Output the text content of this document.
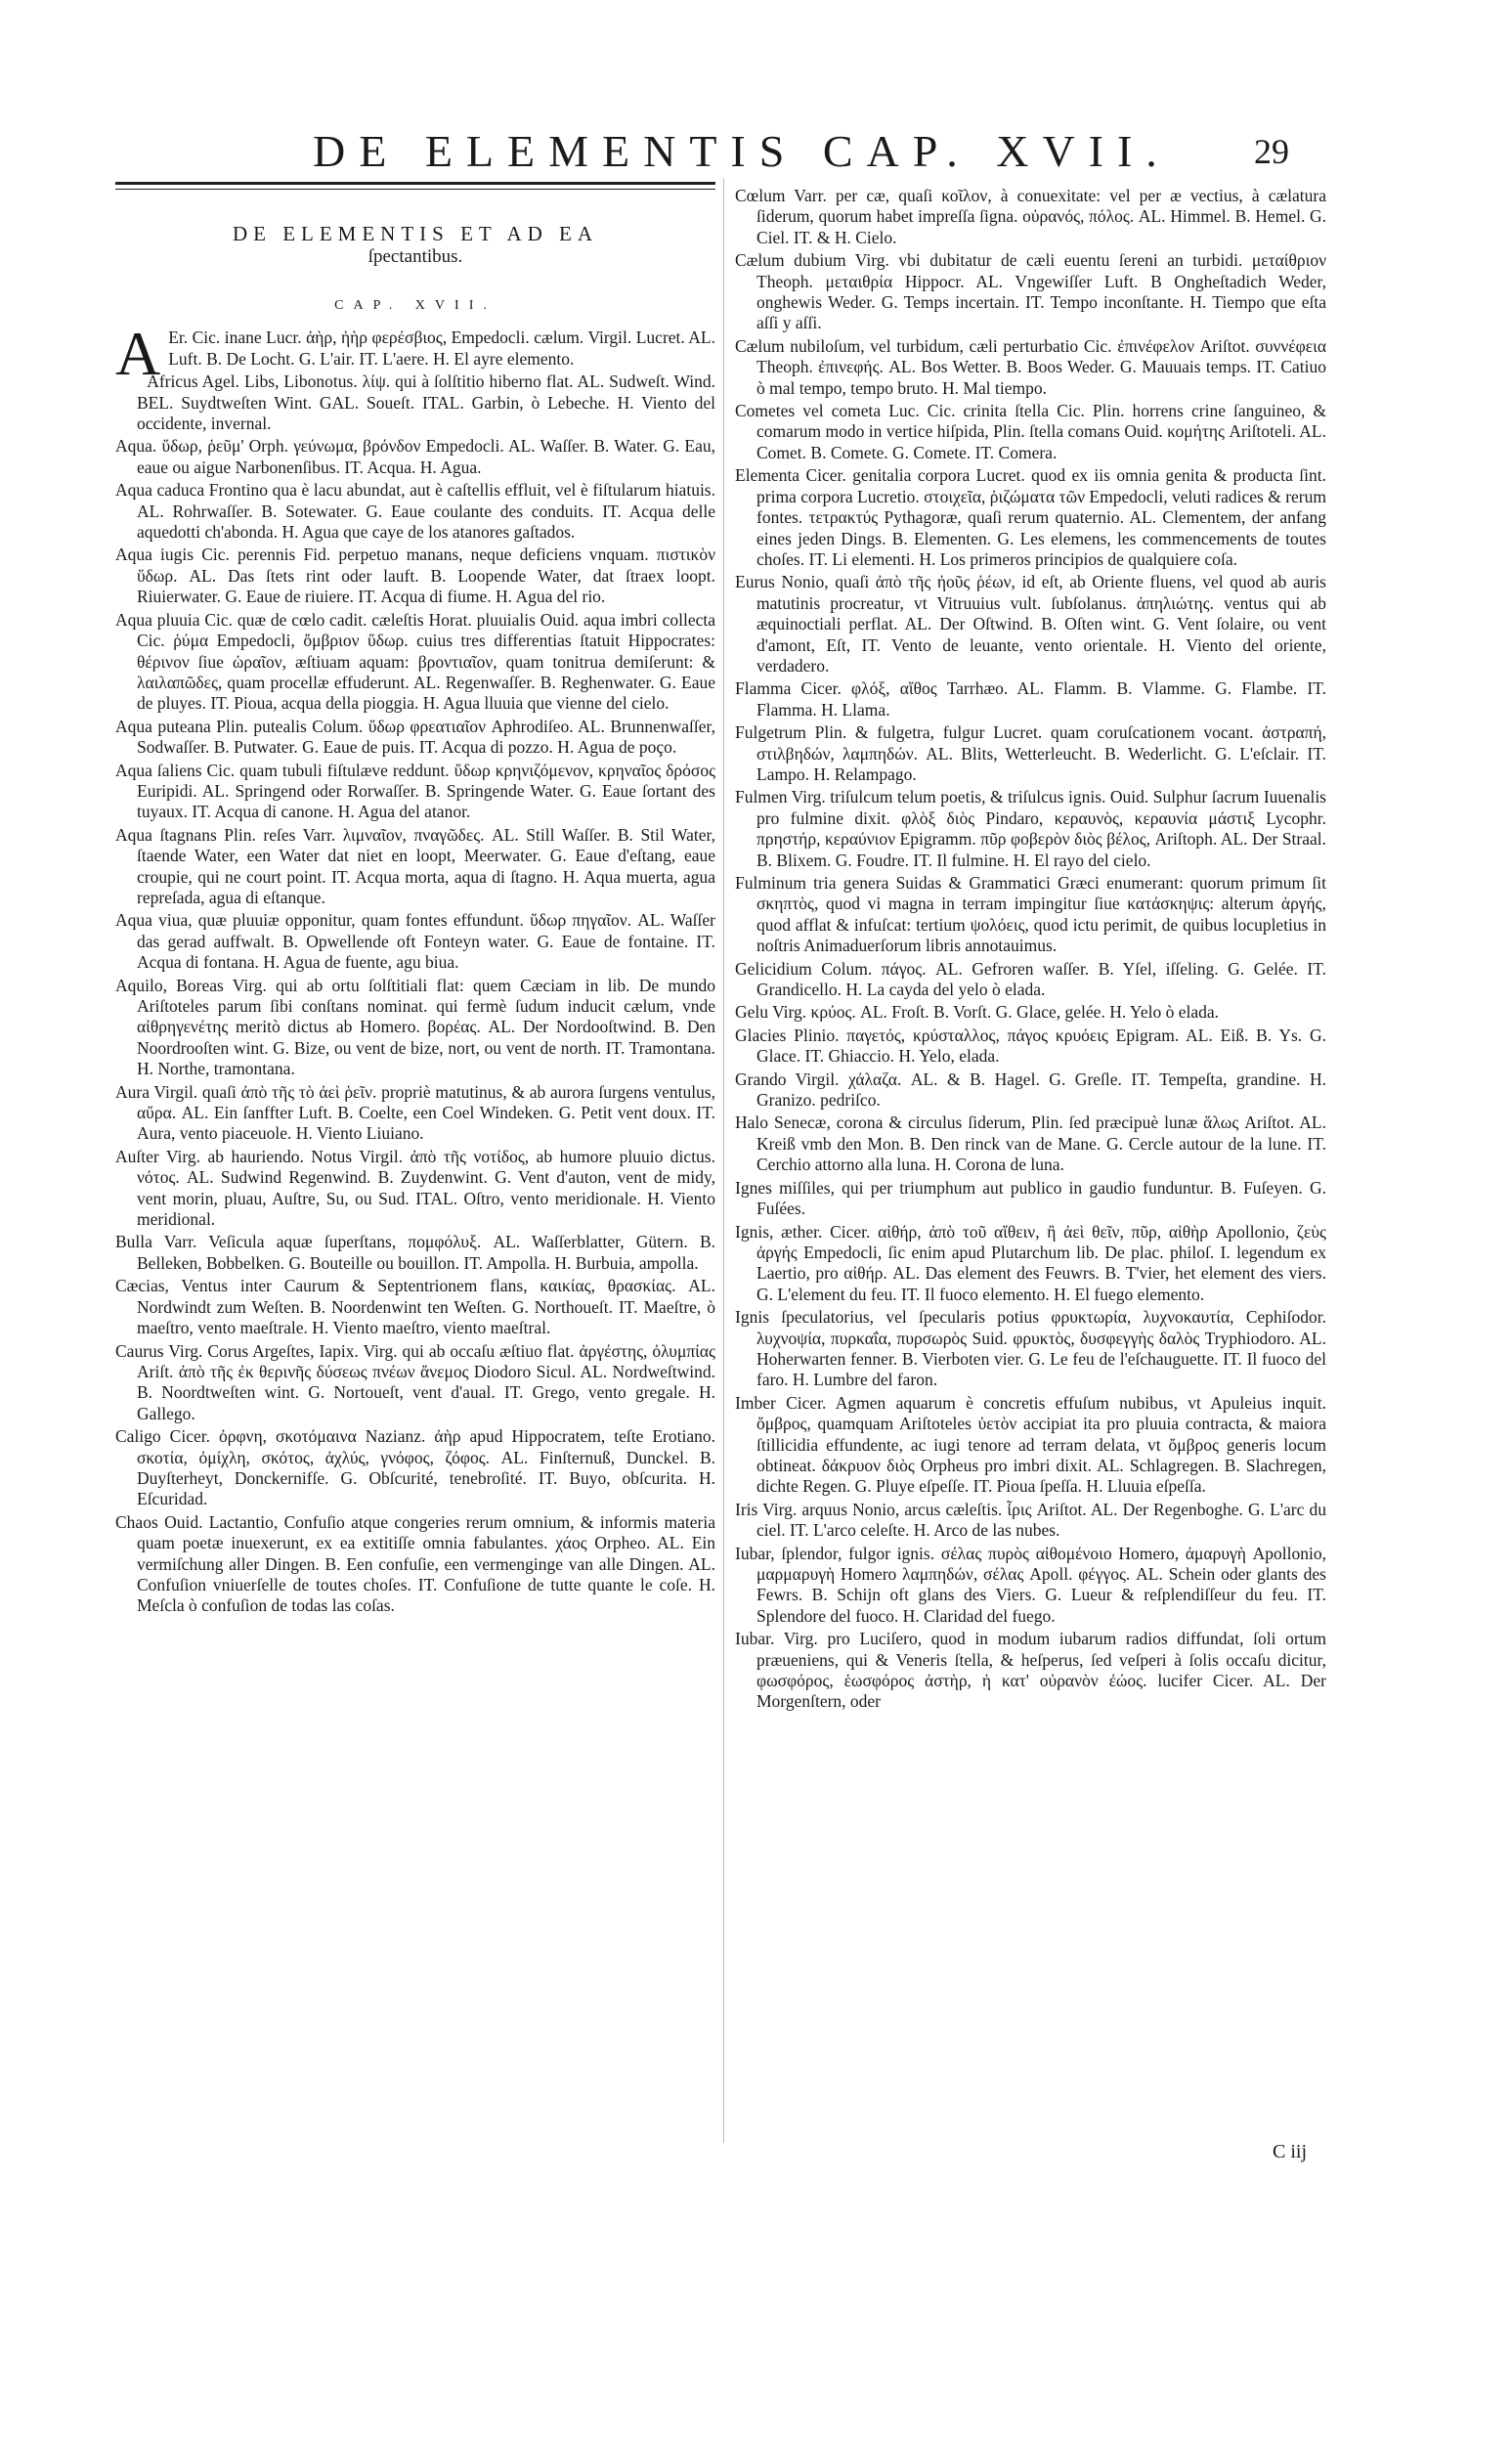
DE ELEMENTIS CAP. XVII.	29
DE ELEMENTIS ET AD EA
ſpectantibus.
CAP. XVII.

A Er. Cic. inane Lucr. ἀὴρ, ἠὴρ φερέσβιος, Empedocli. cælum. Virgil. Lucret. AL. Luft. B. De Locht. G. L'air. IT. L'aere. H. El ayre elemento.

Africus Agel. Libs, Libonotus. λίψ. qui à ſolſtitio hiberno flat. AL. Sudweſt. Wind. BEL. Suydtweſten Wint. GAL. Soueſt. ITAL. Garbin, ò Lebeche. H. Viento del occidente, invernal.

Aqua. ὕδωρ, ῥεῦμ' Orph. γεύνωμα, βρόνδον Empedocli. AL. Waſſer. B. Water. G. Eau, eaue ou aigue Narbonenſibus. IT. Acqua. H. Agua.

Aqua caduca Frontino qua è lacu abundat, aut è caſtellis effluit, vel è fiſtularum hiatuis. AL. Rohrwaſſer. B. Sotewater. G. Eaue coulante des conduits. IT. Acqua delle aquedotti ch'abonda. H. Agua que caye de los atanores gaſtados.

Aqua iugis Cic. perennis Fid. perpetuo manans, neque deficiens vnquam. πιστικὸν ὕδωρ. AL. Das ſtets rint oder lauft. B. Loopende Water, dat ſtraex loopt. Riuierwater. G. Eaue de riuiere. IT. Acqua di fiume. H. Agua del rio.

Aqua pluuia Cic. quæ de cœlo cadit. cæleſtis Horat. pluuialis Ouid. aqua imbri collecta Cic. ῥύμα Empedocli, ὄμβριον ὕδωρ. cuius tres differentias ſtatuit Hippocrates: θέρινον ſiue ὡραῖον, æſtiuam aquam: βροντιαῖον, quam tonitrua demiſerunt: & λαιλαπῶδες, quam procellæ effuderunt. AL. Regenwaſſer. B. Reghenwater. G. Eaue de pluyes. IT. Pioua, acqua della pioggia. H. Agua lluuia que vienne del cielo.

Aqua puteana Plin. putealis Colum. ὕδωρ φρεατιαῖον Aphrodiſeo. AL. Brunnenwaſſer, Sodwaſſer. B. Putwater. G. Eaue de puis. IT. Acqua di pozzo. H. Agua de poço.

Aqua ſaliens Cic. quam tubuli fiſtulæve reddunt. ὕδωρ κρηνιζόμενον, κρηναῖος δρόσος Euripidi. AL. Springend oder Rorwaſſer. B. Springende Water. G. Eaue ſortant des tuyaux. IT. Acqua di canone. H. Agua del atanor.

Aqua ſtagnans Plin. reſes Varr. λιμναῖον, πναγῶδες. AL. Still Waſſer. B. Stil Water, ſtaende Water, een Water dat niet en loopt, Meerwater. G. Eaue d'eſtang, eaue croupie, qui ne court point. IT. Acqua morta, aqua di ſtagno. H. Aqua muerta, agua repreſada, agua di eſtanque.

Aqua viua, quæ pluuiæ opponitur, quam fontes effundunt. ὕδωρ πηγαῖον. AL. Waſſer das gerad auffwalt. B. Opwellende oft Fonteyn water. G. Eaue de fontaine. IT. Acqua di fontana. H. Agua de fuente, agu biua.

Aquilo, Boreas Virg. qui ab ortu ſolſtitiali flat: quem Cæciam in lib. De mundo Ariſtoteles parum ſibi conſtans nominat. qui fermè ſudum inducit cælum, vnde αἰθρηγενέτης meritò dictus ab Homero. βορέας. AL. Der Nordooſtwind. B. Den Noordrooſten wint. G. Bize, ou vent de bize, nort, ou vent de north. IT. Tramontana. H. Northe, tramontana.

Aura Virgil. quaſi ἀπὸ τῆς τὸ ἀεὶ ῥεῖν. propriè matutinus, & ab aurora ſurgens ventulus, αὔρα. AL. Ein ſanffter Luft. B. Coelte, een Coel Windeken. G. Petit vent doux. IT. Aura, vento piaceuole. H. Viento Liuiano.

Auſter Virg. ab hauriendo. Notus Virgil. ἀπὸ τῆς νοτίδος, ab humore pluuio dictus. νότος. AL. Sudwind Regenwind. B. Zuydenwint. G. Vent d'auton, vent de midy, vent morin, pluau, Auſtre, Su, ou Sud. ITAL. Oſtro, vento meridionale. H. Viento meridional.

Bulla Varr. Veſicula aquæ ſuperſtans, πομφόλυξ. AL. Waſſerblatter, Gütern. B. Belleken, Bobbelken. G. Bouteille ou bouillon. IT. Ampolla. H. Burbuia, ampolla.

Cæcias, Ventus inter Caurum & Septentrionem flans, καικίας, θρασκίας. AL. Nordwindt zum Weſten. B. Noordenwint ten Weſten. G. Northoueſt. IT. Maeſtre, ò maeſtro, vento maeſtrale. H. Viento maeſtro, viento maeſtral.

Caurus Virg. Corus Argeſtes, Iapix. Virg. qui ab occaſu æſtiuo flat. ἀργέστης, ὀλυμπίας Ariſt. ἀπὸ τῆς ἐκ θερινῆς δύσεως πνέων ἄνεμος Diodoro Sicul. AL. Nordweſtwind. B. Noordtweſten wint. G. Nortoueſt, vent d'aual. IT. Grego, vento gregale. H. Gallego.

Caligo Cicer. ὀρφνη, σκοτόμαινα Nazianz. ἀὴρ apud Hippocratem, teſte Erotiano. σκοτία, ὀμίχλη, σκότος, ἀχλύς, γνόφος, ζόφος. AL. Finſternuß, Dunckel. B. Duyſterheyt, Donckernifſe. G. Obſcurité, tenebroſité. IT. Buyo, obſcurita. H. Eſcuridad.

Chaos Ouid. Lactantio, Confuſio atque congeries rerum omnium, & informis materia quam poetæ inuexerunt, ex ea extitiſſe omnia fabulantes. χάος Orpheo. AL. Ein vermiſchung aller Dingen. B. Een confuſie, een vermenginge van alle Dingen. AL. Confuſion vniuerſelle de toutes choſes. IT. Confuſione de tutte quante le coſe. H. Meſcla ò confuſion de todas las coſas.

Cœlum Varr. per cæ, quaſi κοῖλον, à conuexitate: vel per æ vectius, à cælatura ſiderum, quorum habet impreſſa ſigna. οὐρανός, πόλος. AL. Himmel. B. Hemel. G. Ciel. IT. & H. Cielo.

Cælum dubium Virg. vbi dubitatur de cæli euentu ſereni an turbidi. μεταίθριον Theoph. μεταιθρία Hippocr. AL. Vngewiſſer Luft. B Ongheſtadich Weder, onghewis Weder. G. Temps incertain. IT. Tempo inconſtante. H. Tiempo que eſta aſſi y aſſi.

Cælum nubiloſum, vel turbidum, cæli perturbatio Cic. ἐπινέφελον Ariſtot. συννέφεια Theoph. ἐπινεφής. AL. Bos Wetter. B. Boos Weder. G. Mauuais temps. IT. Catiuo ò mal tempo, tempo bruto. H. Mal tiempo.

Cometes vel cometa Luc. Cic. crinita ſtella Cic. Plin. horrens crine ſanguineo, & comarum modo in vertice hiſpida, Plin. ſtella comans Ouid. κομήτης Ariſtoteli. AL. Comet. B. Comete. G. Comete. IT. Comera.

Elementa Cicer. genitalia corpora Lucret. quod ex iis omnia genita & producta ſint. prima corpora Lucretio. στοιχεῖα, ῥιζώματα τῶν Empedocli, veluti radices & rerum fontes. τετρακτύς Pythagoræ, quaſi rerum quaternio. AL. Clementem, der anfang eines jeden Dings. B. Elementen. G. Les elemens, les commencements de toutes choſes. IT. Li elementi. H. Los primeros principios de qualquiere coſa.

Eurus Nonio, quaſi ἀπὸ τῆς ἠοῦς ῥέων, id eſt, ab Oriente fluens, vel quod ab auris matutinis procreatur, vt Vitruuius vult. ſubſolanus. ἀπηλιώτης. ventus qui ab æquinoctiali perflat. AL. Der Oſtwind. B. Oſten wint. G. Vent ſolaire, ou vent d'amont, Eſt, IT. Vento de leuante, vento orientale. H. Viento del oriente, verdadero.

Flamma Cicer. φλόξ, αἴθος Tarrhæo. AL. Flamm. B. Vlamme. G. Flambe. IT. Flamma. H. Llama.

Fulgetrum Plin. & fulgetra, fulgur Lucret. quam coruſcationem vocant. ἀστραπή, στιλβηδών, λαμπηδών. AL. Blits, Wetterleucht. B. Wederlicht. G. L'eſclair. IT. Lampo. H. Relampago.

Fulmen Virg. triſulcum telum poetis, & triſulcus ignis. Ouid. Sulphur ſacrum Iuuenalis pro fulmine dixit. φλὸξ διὸς Pindaro, κεραυνὸς, κεραυνία μάστιξ Lycophr. πρηστήρ, κεραύνιον Epigramm. πῦρ φοβερὸν διὸς βέλος, Ariſtoph. AL. Der Straal. B. Blixem. G. Foudre. IT. Il fulmine. H. El rayo del cielo.

Fulminum tria genera Suidas & Grammatici Græci enumerant: quorum primum ſit σκηπτὸς, quod vi magna in terram impingitur ſiue κατάσκηψις: alterum ἀργής, quod afflat & infuſcat: tertium ψολόεις, quod ictu perimit, de quibus locupletius in noſtris Animaduerſorum libris annotauimus.

Gelicidium Colum. πάγος. AL. Gefroren waſſer. B. Yſel, iſſeling. G. Gelée. IT. Grandicello. H. La cayda del yelo ò elada.

Gelu Virg. κρύος. AL. Froſt. B. Vorſt. G. Glace, gelée. H. Yelo ò elada.

Glacies Plinio. παγετός, κρύσταλλος, πάγος κρυόεις Epigram. AL. Eiß. B. Ys. G. Glace. IT. Ghiaccio. H. Yelo, elada.

Grando Virgil. χάλαζα. AL. & B. Hagel. G. Greſle. IT. Tempeſta, grandine. H. Granizo. pedriſco.

Halo Senecæ, corona & circulus ſiderum, Plin. ſed præcipuè lunæ ἅλως Ariſtot. AL. Kreiß vmb den Mon. B. Den rinck van de Mane. G. Cercle autour de la lune. IT. Cerchio attorno alla luna. H. Corona de luna.

Ignes miſſiles, qui per triumphum aut publico in gaudio funduntur. B. Fuſeyen. G. Fuſées.

Ignis, æther. Cicer. αἰθήρ, ἀπὸ τοῦ αἴθειν, ἢ ἀεὶ θεῖν, πῦρ, αἰθὴρ Apollonio, ζεὺς ἀργής Empedocli, ſic enim apud Plutarchum lib. De plac. philoſ. I. legendum ex Laertio, pro αἰθήρ. AL. Das element des Feuwrs. B. T'vier, het element des viers. G. L'element du feu. IT. Il fuoco elemento. H. El fuego elemento.

Ignis ſpeculatorius, vel ſpecularis potius φρυκτωρία, λυχνοκαυτία, Cephiſodor. λυχνοψία, πυρκαΐα, πυρσωρὸς Suid. φρυκτὸς, δυσφεγγὴς δαλὸς Tryphiodoro. AL. Hoherwarten fenner. B. Vierboten vier. G. Le feu de l'eſchauguette. IT. Il fuoco del faro. H. Lumbre del faron.

Imber Cicer. Agmen aquarum è concretis effuſum nubibus, vt Apuleius inquit. ὄμβρος, quamquam Ariſtoteles ὑετὸν accipiat ita pro pluuia contracta, & maiora ſtillicidia effundente, ac iugi tenore ad terram delata, vt ὄμβρος generis locum obtineat. δάκρυον διὸς Orpheus pro imbri dixit. AL. Schlagregen. B. Slachregen, dichte Regen. G. Pluye eſpeſſe. IT. Pioua ſpeſſa. H. Lluuia eſpeſſa.

Iris Virg. arquus Nonio, arcus cæleſtis. ἶρις Ariſtot. AL. Der Regenboghe. G. L'arc du ciel. IT. L'arco celeſte. H. Arco de las nubes.

Iubar, ſplendor, fulgor ignis. σέλας πυρὸς αἰθομένοιο Homero, ἀμαρυγὴ Apollonio, μαρμαρυγὴ Homero λαμπηδών, σέλας Apoll. φέγγος. AL. Schein oder glants des Fewrs. B. Schijn oft glans des Viers. G. Lueur & reſplendiſſeur du feu. IT. Splendore del fuoco. H. Claridad del fuego.

Iubar. Virg. pro Luciſero, quod in modum iubarum radios diffundat, ſoli ortum præueniens, qui & Veneris ſtella, & heſperus, ſed veſperi à ſolis occaſu dicitur, φωσφόρος, ἑωσφόρος ἀστὴρ, ἡ κατ' οὐρανὸν ἐώος. lucifer Cicer. AL. Der Morgenſtern, oder

C iij
